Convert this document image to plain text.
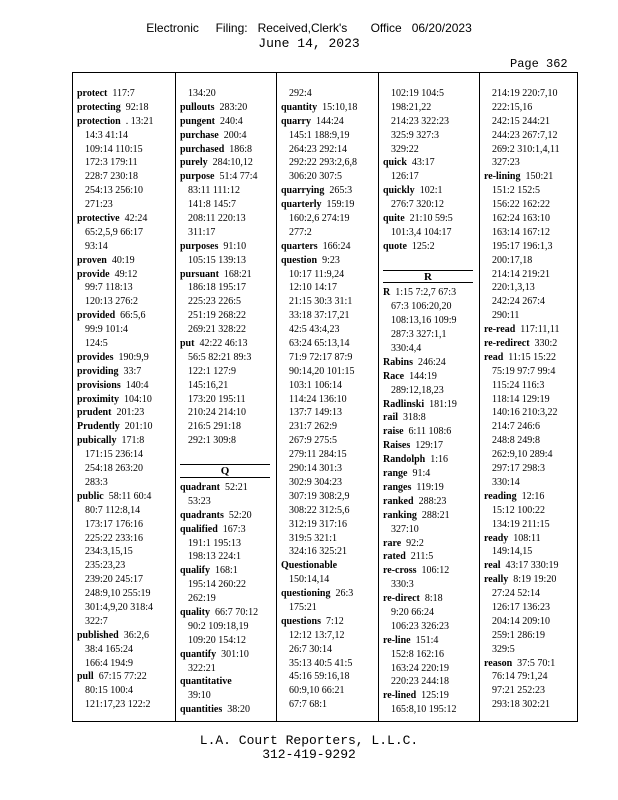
Electronic     Filing:   Received,Clerk's       Office   06/20/2023
June 14, 2023
Page 362
protect 117:7
protecting 92:18
protection . 13:21
14:3 41:14
109:14 110:15
172:3 179:11
228:7 230:18
254:13 256:10
271:23
protective 42:24
65:2,5,9 66:17
93:14
proven 40:19
provide 49:12
99:7 118:13
120:13 276:2
provided 66:5,6
99:9 101:4
124:5
provides 190:9,9
providing 33:7
provisions 140:4
proximity 104:10
prudent 201:23
Prudently 201:10
pubically 171:8
171:15 236:14
254:18 263:20
283:3
public 58:11 60:4
80:7 112:8,14
173:17 176:16
225:22 233:16
234:3,15,15
235:23,23
239:20 245:17
248:9,10 255:19
301:4,9,20 318:4
322:7
published 36:2,6
38:4 165:24
166:4 194:9
pull 67:15 77:22
80:15 100:4
121:17,23 122:2
134:20
pullouts 283:20
pungent 240:4
purchase 200:4
purchased 186:8
purely 284:10,12
purpose 51:4 77:4
83:11 111:12
141:8 145:7
208:11 220:13
311:17
purposes 91:10
105:15 139:13
pursuant 168:21
186:18 195:17
225:23 226:5
251:19 268:22
269:21 328:22
put 42:22 46:13
56:5 82:21 89:3
122:1 127:9
145:16,21
173:20 195:11
210:24 214:10
216:5 291:18
292:1 309:8
Q
quadrant 52:21
53:23
quadrants 52:20
qualified 167:3
191:1 195:13
198:13 224:1
qualify 168:1
195:14 260:22
262:19
quality 66:7 70:12
90:2 109:18,19
109:20 154:12
quantify 301:10
322:21
quantitative
39:10
quantities 38:20
292:4
quantity 15:10,18
quarry 144:24
145:1 188:9,19
264:23 292:14
292:22 293:2,6,8
306:20 307:5
quarrying 265:3
quarterly 159:19
160:2,6 274:19
277:2
quarters 166:24
question 9:23
10:17 11:9,24
12:10 14:17
21:15 30:3 31:1
33:18 37:17,21
42:5 43:4,23
63:24 65:13,14
71:9 72:17 87:9
90:14,20 101:15
103:1 106:14
114:24 136:10
137:7 149:13
231:7 262:9
267:9 275:5
279:11 284:15
290:14 301:3
302:9 304:23
307:19 308:2,9
308:22 312:5,6
312:19 317:16
319:5 321:1
324:16 325:21
Questionable
150:14,14
questioning 26:3
175:21
questions 7:12
12:12 13:7,12
26:7 30:14
35:13 40:5 41:5
45:16 59:16,18
60:9,10 66:21
67:7 68:1
102:19 104:5
198:21,22
214:23 322:23
325:9 327:3
329:22
quick 43:17
126:17
quickly 102:1
276:7 320:12
quite 21:10 59:5
101:3,4 104:17
quote 125:2
R
R 1:15 7:2,7 67:3
67:3 106:20,20
108:13,16 109:9
287:3 327:1,1
330:4,4
Rabins 246:24
Race 144:19
289:12,18,23
Radlinski 181:19
rail 318:8
raise 6:11 108:6
Raises 129:17
Randolph 1:16
range 91:4
ranges 119:19
ranked 288:23
ranking 288:21
327:10
rare 92:2
rated 211:5
re-cross 106:12
330:3
re-direct 8:18
9:20 66:24
106:23 326:23
re-line 151:4
152:8 162:16
163:24 220:19
220:23 244:18
re-lined 125:19
165:8,10 195:12
214:19 220:7,10
222:15,16
242:15 244:21
244:23 267:7,12
269:2 310:1,4,11
327:23
re-lining 150:21
151:2 152:5
156:22 162:22
162:24 163:10
163:14 167:12
195:17 196:1,3
200:17,18
214:14 219:21
220:1,3,13
242:24 267:4
290:11
re-read 117:11,11
re-redirect 330:2
read 11:15 15:22
75:19 97:7 99:4
115:24 116:3
118:14 129:19
140:16 210:3,22
214:7 246:6
248:8 249:8
262:9,10 289:4
297:17 298:3
330:14
reading 12:16
15:12 100:22
134:19 211:15
ready 108:11
149:14,15
real 43:17 330:19
really 8:19 19:20
27:24 52:14
126:17 136:23
204:14 209:10
259:1 286:19
329:5
reason 37:5 70:1
76:14 79:1,24
97:21 252:23
293:18 302:21
L.A. Court Reporters, L.L.C.
312-419-9292
